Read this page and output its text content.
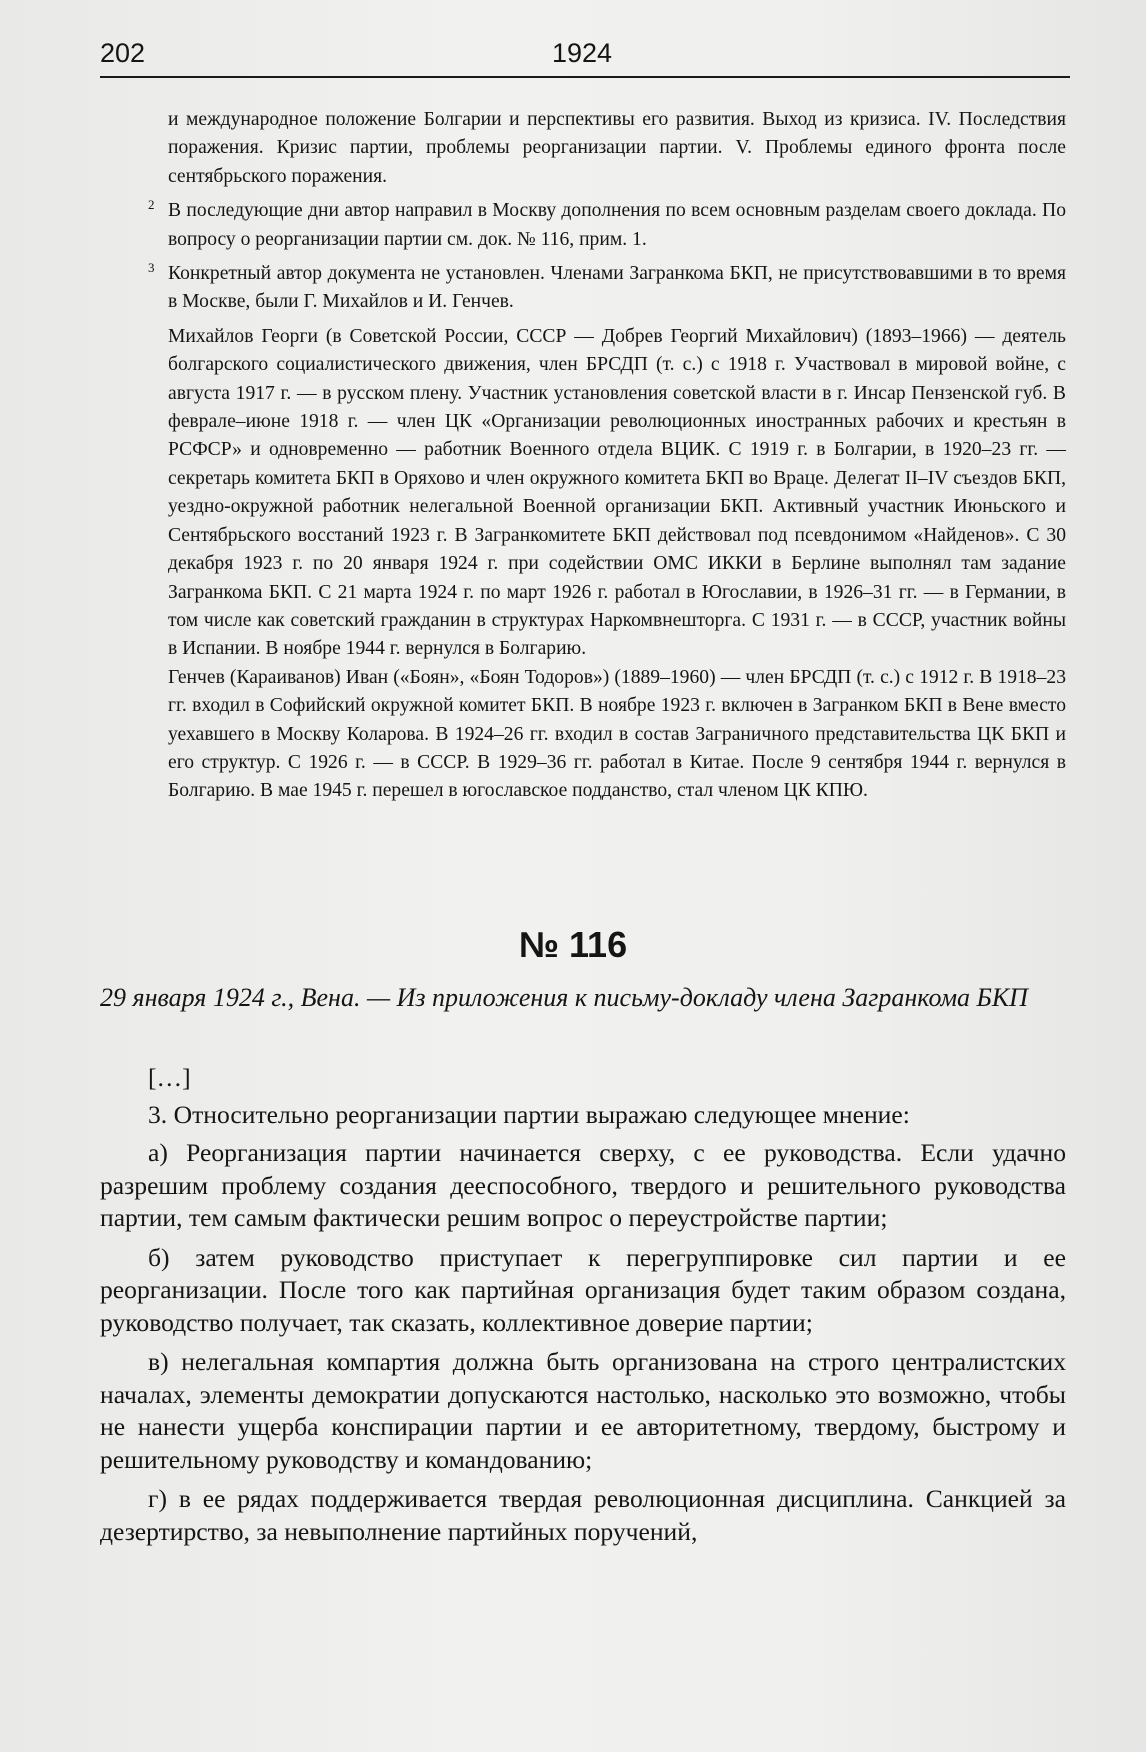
202	1924

и международное положение Болгарии и перспективы его развития. Выход из кризиса. IV. Последствия поражения. Кризис партии, проблемы реорганизации партии. V. Проблемы единого фронта после сентябрьского поражения.

2 В последующие дни автор направил в Москву дополнения по всем основным разделам своего доклада. По вопросу о реорганизации партии см. док. № 116, прим. 1.

3 Конкретный автор документа не установлен. Членами Загранкома БКП, не присутствовавшими в то время в Москве, были Г. Михайлов и И. Генчев.

Михайлов Георги (в Советской России, СССР — Добрев Георгий Михайлович) (1893–1966) — деятель болгарского социалистического движения, член БРСДП (т. с.) с 1918 г. Участвовал в мировой войне, с августа 1917 г. — в русском плену. Участник установления советской власти в г. Инсар Пензенской губ. В феврале–июне 1918 г. — член ЦК «Организации революционных иностранных рабочих и крестьян в РСФСР» и одновременно — работник Военного отдела ВЦИК. С 1919 г. в Болгарии, в 1920–23 гг. — секретарь комитета БКП в Оряхово и член окружного комитета БКП во Враце. Делегат II–IV съездов БКП, уездно-окружной работник нелегальной Военной организации БКП. Активный участник Июньского и Сентябрьского восстаний 1923 г. В Загранкомитете БКП действовал под псевдонимом «Найденов». С 30 декабря 1923 г. по 20 января 1924 г. при содействии ОМС ИККИ в Берлине выполнял там задание Загранкома БКП. С 21 марта 1924 г. по март 1926 г. работал в Югославии, в 1926–31 гг. — в Германии, в том числе как советский гражданин в структурах Наркомвнешторга. С 1931 г. — в СССР, участник войны в Испании. В ноябре 1944 г. вернулся в Болгарию.

Генчев (Караиванов) Иван («Боян», «Боян Тодоров») (1889–1960) — член БРСДП (т. с.) с 1912 г. В 1918–23 гг. входил в Софийский окружной комитет БКП. В ноябре 1923 г. включен в Загранком БКП в Вене вместо уехавшего в Москву Коларова. В 1924–26 гг. входил в состав Заграничного представительства ЦК БКП и его структур. С 1926 г. — в СССР. В 1929–36 гг. работал в Китае. После 9 сентября 1944 г. вернулся в Болгарию. В мае 1945 г. перешел в югославское подданство, стал членом ЦК КПЮ.

№ 116
29 января 1924 г., Вена. — Из приложения к письму-докладу члена Загранкома БКП

[…]

3. Относительно реорганизации партии выражаю следующее мнение:

а) Реорганизация партии начинается сверху, с ее руководства. Если удачно разрешим проблему создания дееспособного, твердого и решительного руководства партии, тем самым фактически решим вопрос о переустройстве партии;

б) затем руководство приступает к перегруппировке сил партии и ее реорганизации. После того как партийная организация будет таким образом создана, руководство получает, так сказать, коллективное доверие партии;

в) нелегальная компартия должна быть организована на строго централистских началах, элементы демократии допускаются настолько, насколько это возможно, чтобы не нанести ущерба конспирации партии и ее авторитетному, твердому, быстрому и решительному руководству и командованию;

г) в ее рядах поддерживается твердая революционная дисциплина. Санкцией за дезертирство, за невыполнение партийных поручений,
